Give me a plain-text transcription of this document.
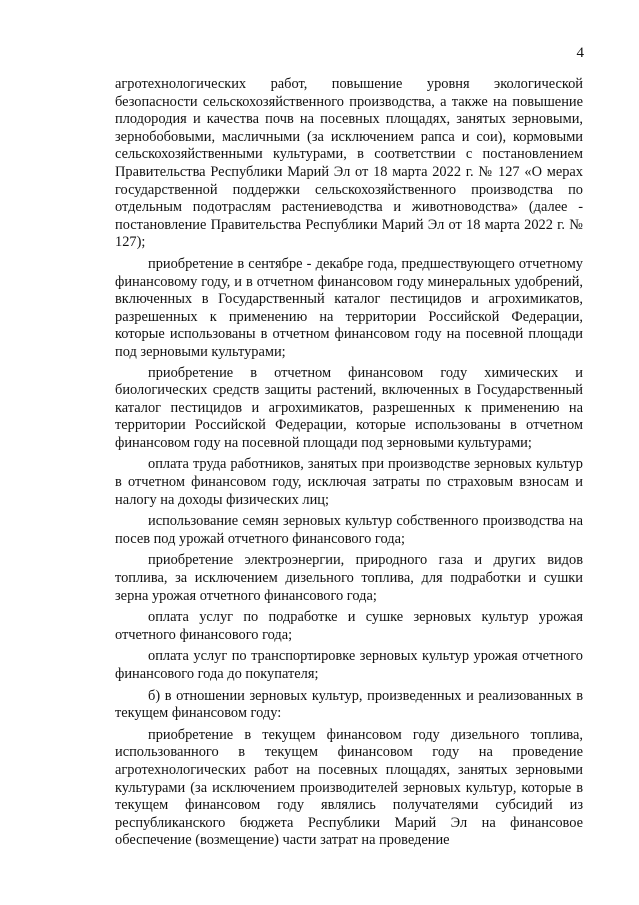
4

агротехнологических работ, повышение уровня экологической безопасности сельскохозяйственного производства, а также на повышение плодородия и качества почв на посевных площадях, занятых зерновыми, зернобобовыми, масличными (за исключением рапса и сои), кормовыми сельскохозяйственными культурами, в соответствии с постановлением Правительства Республики Марий Эл от 18 марта 2022 г. № 127 «О мерах государственной поддержки сельскохозяйственного производства по отдельным подотраслям растениеводства и животноводства» (далее - постановление Правительства Республики Марий Эл от 18 марта 2022 г. № 127);

приобретение в сентябре - декабре года, предшествующего отчетному финансовому году, и в отчетном финансовом году минеральных удобрений, включенных в Государственный каталог пестицидов и агрохимикатов, разрешенных к применению на территории Российской Федерации, которые использованы в отчетном финансовом году на посевной площади под зерновыми культурами;

приобретение в отчетном финансовом году химических и биологических средств защиты растений, включенных в Государственный каталог пестицидов и агрохимикатов, разрешенных к применению на территории Российской Федерации, которые использованы в отчетном финансовом году на посевной площади под зерновыми культурами;

оплата труда работников, занятых при производстве зерновых культур в отчетном финансовом году, исключая затраты по страховым взносам и налогу на доходы физических лиц;

использование семян зерновых культур собственного производства на посев под урожай отчетного финансового года;

приобретение электроэнергии, природного газа и других видов топлива, за исключением дизельного топлива, для подработки и сушки зерна урожая отчетного финансового года;

оплата услуг по подработке и сушке зерновых культур урожая отчетного финансового года;

оплата услуг по транспортировке зерновых культур урожая отчетного финансового года до покупателя;

б) в отношении зерновых культур, произведенных и реализованных в текущем финансовом году:

приобретение в текущем финансовом году дизельного топлива, использованного в текущем финансовом году на проведение агротехнологических работ на посевных площадях, занятых зерновыми культурами (за исключением производителей зерновых культур, которые в текущем финансовом году являлись получателями субсидий из республиканского бюджета Республики Марий Эл на финансовое обеспечение (возмещение) части затрат на проведение
